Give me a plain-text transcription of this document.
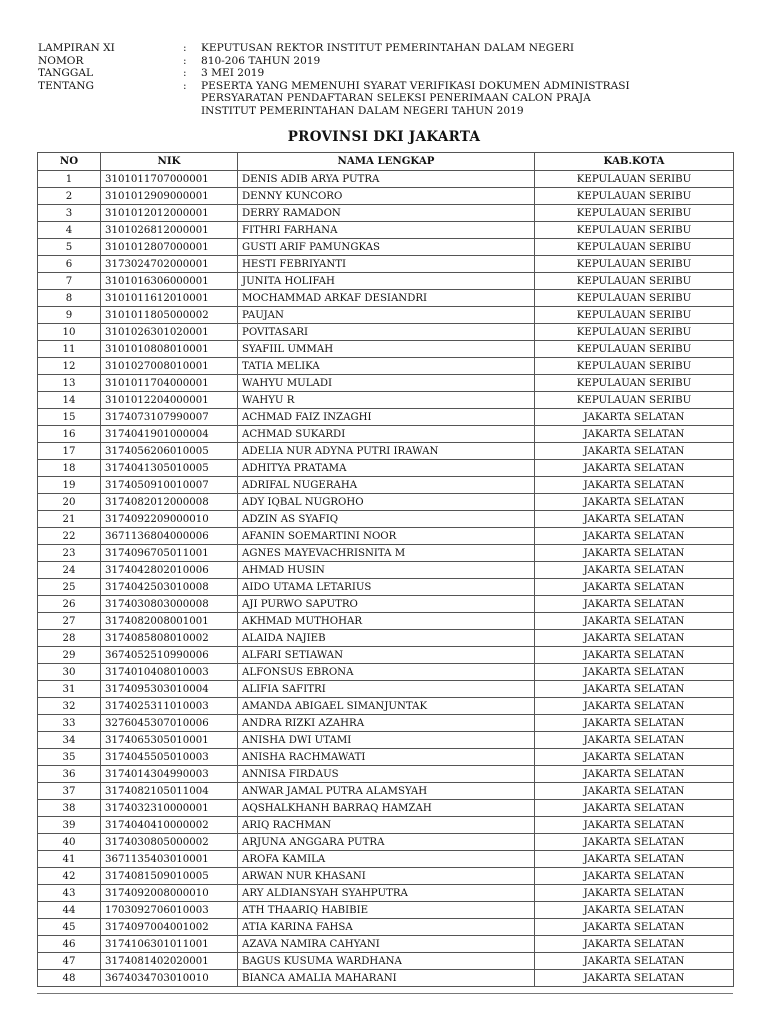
LAMPIRAN XI	:	KEPUTUSAN REKTOR INSTITUT PEMERINTAHAN DALAM NEGERI
NOMOR	:	810-206 TAHUN 2019
TANGGAL	:	3 MEI 2019
TENTANG	:	PESERTA YANG MEMENUHI SYARAT VERIFIKASI DOKUMEN ADMINISTRASI
PERSYARATAN PENDAFTARAN SELEKSI PENERIMAAN CALON PRAJA
INSTITUT PEMERINTAHAN DALAM NEGERI TAHUN 2019
PROVINSI DKI JAKARTA
NO	NIK	NAMA LENGKAP	KAB.KOTA
1	3101011707000001	DENIS ADIB ARYA PUTRA	KEPULAUAN SERIBU
2	3101012909000001	DENNY KUNCORO	KEPULAUAN SERIBU
3	3101012012000001	DERRY RAMADON	KEPULAUAN SERIBU
4	3101026812000001	FITHRI FARHANA	KEPULAUAN SERIBU
5	3101012807000001	GUSTI ARIF PAMUNGKAS	KEPULAUAN SERIBU
6	3173024702000001	HESTI FEBRIYANTI	KEPULAUAN SERIBU
7	3101016306000001	JUNITA HOLIFAH	KEPULAUAN SERIBU
8	3101011612010001	MOCHAMMAD ARKAF DESIANDRI	KEPULAUAN SERIBU
9	3101011805000002	PAUJAN	KEPULAUAN SERIBU
10	3101026301020001	POVITASARI	KEPULAUAN SERIBU
11	3101010808010001	SYAFIIL UMMAH	KEPULAUAN SERIBU
12	3101027008010001	TATIA MELIKA	KEPULAUAN SERIBU
13	3101011704000001	WAHYU MULADI	KEPULAUAN SERIBU
14	3101012204000001	WAHYU R	KEPULAUAN SERIBU
15	3174073107990007	ACHMAD FAIZ INZAGHI	JAKARTA SELATAN
16	3174041901000004	ACHMAD SUKARDI	JAKARTA SELATAN
17	3174056206010005	ADELIA NUR ADYNA PUTRI IRAWAN	JAKARTA SELATAN
18	3174041305010005	ADHITYA PRATAMA	JAKARTA SELATAN
19	3174050910010007	ADRIFAL NUGERAHA	JAKARTA SELATAN
20	3174082012000008	ADY IQBAL NUGROHO	JAKARTA SELATAN
21	3174092209000010	ADZIN AS SYAFIQ	JAKARTA SELATAN
22	3671136804000006	AFANIN SOEMARTINI NOOR	JAKARTA SELATAN
23	3174096705011001	AGNES MAYEVACHRISNITA M	JAKARTA SELATAN
24	3174042802010006	AHMAD HUSIN	JAKARTA SELATAN
25	3174042503010008	AIDO UTAMA LETARIUS	JAKARTA SELATAN
26	3174030803000008	AJI PURWO SAPUTRO	JAKARTA SELATAN
27	3174082008001001	AKHMAD MUTHOHAR	JAKARTA SELATAN
28	3174085808010002	ALAIDA NAJIEB	JAKARTA SELATAN
29	3674052510990006	ALFARI SETIAWAN	JAKARTA SELATAN
30	3174010408010003	ALFONSUS EBRONA	JAKARTA SELATAN
31	3174095303010004	ALIFIA SAFITRI	JAKARTA SELATAN
32	3174025311010003	AMANDA ABIGAEL SIMANJUNTAK	JAKARTA SELATAN
33	3276045307010006	ANDRA RIZKI AZAHRA	JAKARTA SELATAN
34	3174065305010001	ANISHA DWI UTAMI	JAKARTA SELATAN
35	3174045505010003	ANISHA RACHMAWATI	JAKARTA SELATAN
36	3174014304990003	ANNISA FIRDAUS	JAKARTA SELATAN
37	3174082105011004	ANWAR JAMAL PUTRA ALAMSYAH	JAKARTA SELATAN
38	3174032310000001	AQSHALKHANH BARRAQ HAMZAH	JAKARTA SELATAN
39	3174040410000002	ARIQ RACHMAN	JAKARTA SELATAN
40	3174030805000002	ARJUNA ANGGARA PUTRA	JAKARTA SELATAN
41	3671135403010001	AROFA KAMILA	JAKARTA SELATAN
42	3174081509010005	ARWAN NUR KHASANI	JAKARTA SELATAN
43	3174092008000010	ARY ALDIANSYAH SYAHPUTRA	JAKARTA SELATAN
44	1703092706010003	ATH THAARIQ HABIBIE	JAKARTA SELATAN
45	3174097004001002	ATIA KARINA FAHSA	JAKARTA SELATAN
46	3174106301011001	AZAVA NAMIRA CAHYANI	JAKARTA SELATAN
47	3174081402020001	BAGUS KUSUMA WARDHANA	JAKARTA SELATAN
48	3674034703010010	BIANCA AMALIA MAHARANI	JAKARTA SELATAN
